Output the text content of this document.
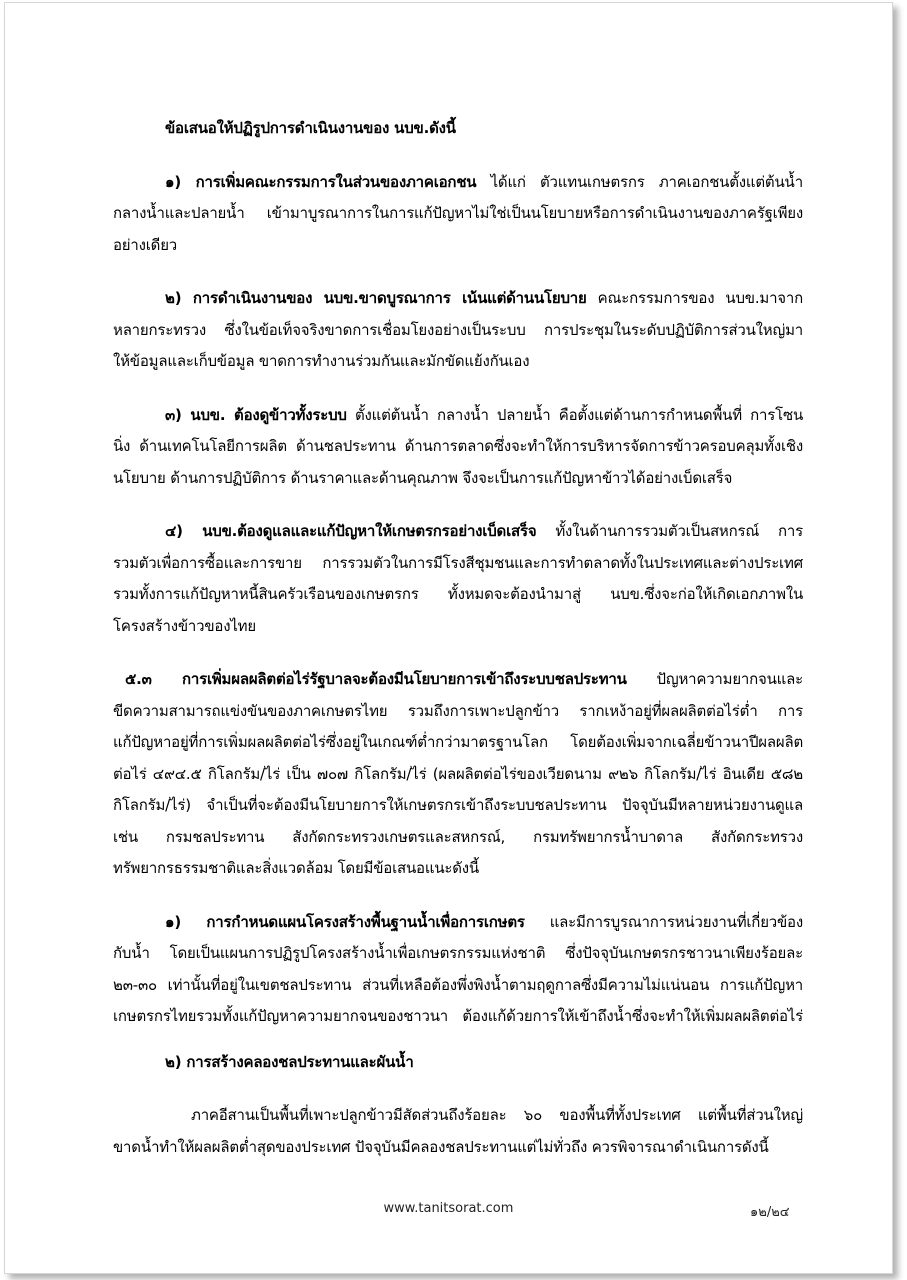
ข้อเสนอให้ปฏิรูปการดำเนินงานของ นบข.ดังนี้
๑) การเพิ่มคณะกรรมการในส่วนของภาคเอกชน ได้แก่ ตัวแทนเกษตรกร ภาคเอกชนตั้งแต่ต้นน้ำ
กลางน้ำและปลายน้ำ เข้ามาบูรณาการในการแก้ปัญหาไม่ใช่เป็นนโยบายหรือการดำเนินงานของภาครัฐเพียง
อย่างเดียว
๒) การดำเนินงานของ นบข.ขาดบูรณาการ เน้นแต่ด้านนโยบาย คณะกรรมการของ นบข.มาจาก
หลายกระทรวง ซึ่งในข้อเท็จจริงขาดการเชื่อมโยงอย่างเป็นระบบ การประชุมในระดับปฏิบัติการส่วนใหญ่มา
ให้ข้อมูลและเก็บข้อมูล ขาดการทำงานร่วมกันและมักขัดแย้งกันเอง
๓) นบข. ต้องดูข้าวทั้งระบบ ตั้งแต่ต้นน้ำ กลางน้ำ ปลายน้ำ คือตั้งแต่ด้านการกำหนดพื้นที่ การโซน
นิ่ง ด้านเทคโนโลยีการผลิต ด้านชลประทาน ด้านการตลาดซึ่งจะทำให้การบริหารจัดการข้าวครอบคลุมทั้งเชิง
นโยบาย ด้านการปฏิบัติการ ด้านราคาและด้านคุณภาพ จึงจะเป็นการแก้ปัญหาข้าวได้อย่างเบ็ดเสร็จ
๔) นบข.ต้องดูแลและแก้ปัญหาให้เกษตรกรอย่างเบ็ดเสร็จ ทั้งในด้านการรวมตัวเป็นสหกรณ์ การ
รวมตัวเพื่อการซื้อและการขาย การรวมตัวในการมีโรงสีชุมชนและการทำตลาดทั้งในประเทศและต่างประเทศ
รวมทั้งการแก้ปัญหาหนี้สินครัวเรือนของเกษตรกร ทั้งหมดจะต้องนำมาสู่ นบข.ซึ่งจะก่อให้เกิดเอกภาพใน
โครงสร้างข้าวของไทย
๕.๓ การเพิ่มผลผลิตต่อไร่รัฐบาลจะต้องมีนโยบายการเข้าถึงระบบชลประทาน ปัญหาความยากจนและ
ขีดความสามารถแข่งขันของภาคเกษตรไทย รวมถึงการเพาะปลูกข้าว รากเหง้าอยู่ที่ผลผลิตต่อไร่ต่ำ การ
แก้ปัญหาอยู่ที่การเพิ่มผลผลิตต่อไร่ซึ่งอยู่ในเกณฑ์ต่ำกว่ามาตรฐานโลก โดยต้องเพิ่มจากเฉลี่ยข้าวนาปีผลผลิต
ต่อไร่ ๔๙๔.๕ กิโลกรัม/ไร่ เป็น ๗๐๗ กิโลกรัม/ไร่ (ผลผลิตต่อไร่ของเวียดนาม ๙๒๖ กิโลกรัม/ไร่ อินเดีย ๕๘๒
กิโลกรัม/ไร่) จำเป็นที่จะต้องมีนโยบายการให้เกษตรกรเข้าถึงระบบชลประทาน ปัจจุบันมีหลายหน่วยงานดูแล
เช่น กรมชลประทาน สังกัดกระทรวงเกษตรและสหกรณ์, กรมทรัพยากรน้ำบาดาล สังกัดกระทรวง
ทรัพยากรธรรมชาติและสิ่งแวดล้อม โดยมีข้อเสนอแนะดังนี้
๑) การกำหนดแผนโครงสร้างพื้นฐานน้ำเพื่อการเกษตร และมีการบูรณาการหน่วยงานที่เกี่ยวข้อง
กับน้ำ โดยเป็นแผนการปฏิรูปโครงสร้างน้ำเพื่อเกษตรกรรมแห่งชาติ ซึ่งปัจจุบันเกษตรกรชาวนาเพียงร้อยละ
๒๓-๓๐ เท่านั้นที่อยู่ในเขตชลประทาน ส่วนที่เหลือต้องพึ่งพิงน้ำตามฤดูกาลซึ่งมีความไม่แน่นอน การแก้ปัญหา
เกษตรกรไทยรวมทั้งแก้ปัญหาความยากจนของชาวนา ต้องแก้ด้วยการให้เข้าถึงน้ำซึ่งจะทำให้เพิ่มผลผลิตต่อไร่
๒) การสร้างคลองชลประทานและผันน้ำ
ภาคอีสานเป็นพื้นที่เพาะปลูกข้าวมีสัดส่วนถึงร้อยละ ๖๐ ของพื้นที่ทั้งประเทศ แต่พื้นที่ส่วนใหญ่
ขาดน้ำทำให้ผลผลิตต่ำสุดของประเทศ ปัจจุบันมีคลองชลประทานแต่ไม่ทั่วถึง ควรพิจารณาดำเนินการดังนี้
www.tanitsorat.com	๑๒/๒๔
